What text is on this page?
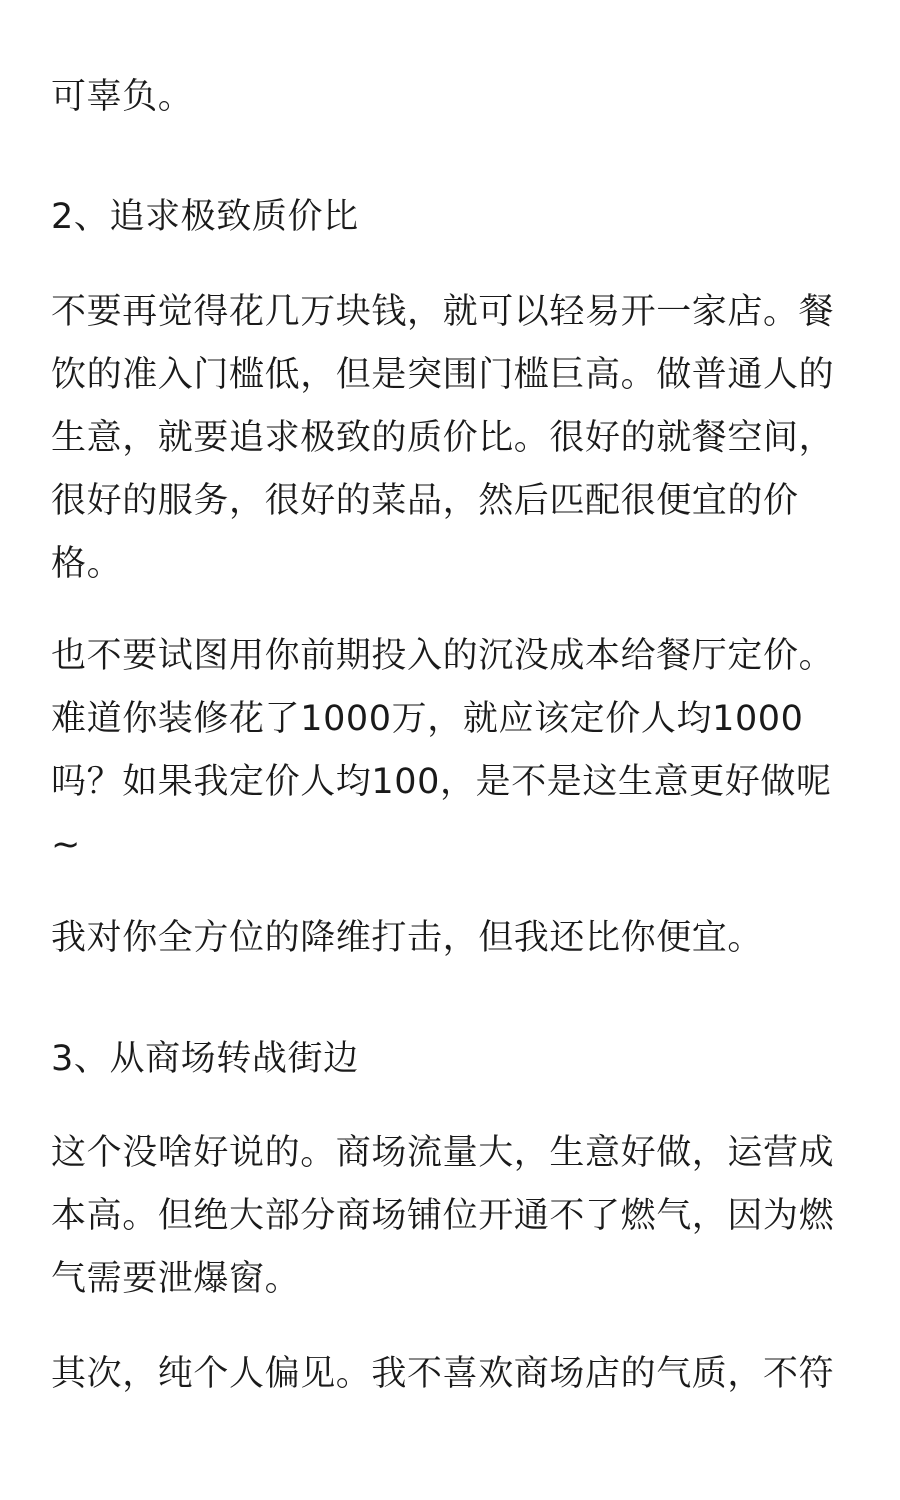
可辜负。

2、追求极致质价比

不要再觉得花几万块钱，就可以轻易开一家店。餐饮的准入门槛低，但是突围门槛巨高。做普通人的生意，就要追求极致的质价比。很好的就餐空间，很好的服务，很好的菜品，然后匹配很便宜的价格。

也不要试图用你前期投入的沉没成本给餐厅定价。难道你装修花了1000万，就应该定价人均1000吗？如果我定价人均100，是不是这生意更好做呢~

我对你全方位的降维打击，但我还比你便宜。

3、从商场转战街边

这个没啥好说的。商场流量大，生意好做，运营成本高。但绝大部分商场铺位开通不了燃气，因为燃气需要泄爆窗。

其次，纯个人偏见。我不喜欢商场店的气质，不符
